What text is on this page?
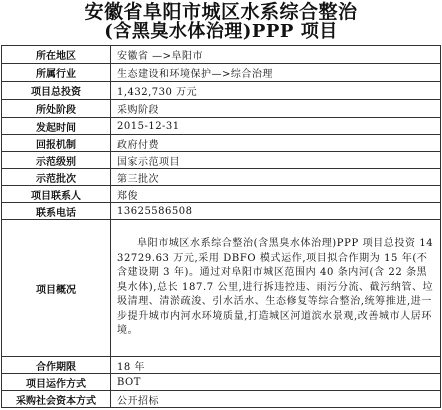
安徽省阜阳市城区水系综合整治
(含黑臭水体治理)PPP 项目
所在地区	安徽省 —>阜阳市
所属行业	生态建设和环境保护—>综合治理
项目总投资	1,432,730 万元
所处阶段	采购阶段
发起时间	2015-12-31
回报机制	政府付费
示范级别	国家示范项目
示范批次	第三批次
项目联系人	郑俊
联系电话	13625586508
项目概况	阜阳市城区水系综合整治(含黑臭水体治理)PPP 项目总投资 1432729.63 万元,采用 DBFO 模式运作,项目拟合作期为 15 年(不含建设期 3 年)。通过对阜阳市城区范围内 40 条内河(含 22 条黑臭水体),总长 187.7 公里,进行拆违控违、雨污分流、截污纳管、垃圾清理、清淤疏浚、引水活水、生态修复等综合整治,统筹推进,进一步提升城市内河水环境质量,打造城区河道滨水景观,改善城市人居环境。
合作期限	18 年
项目运作方式	BOT
采购社会资本方式	公开招标
